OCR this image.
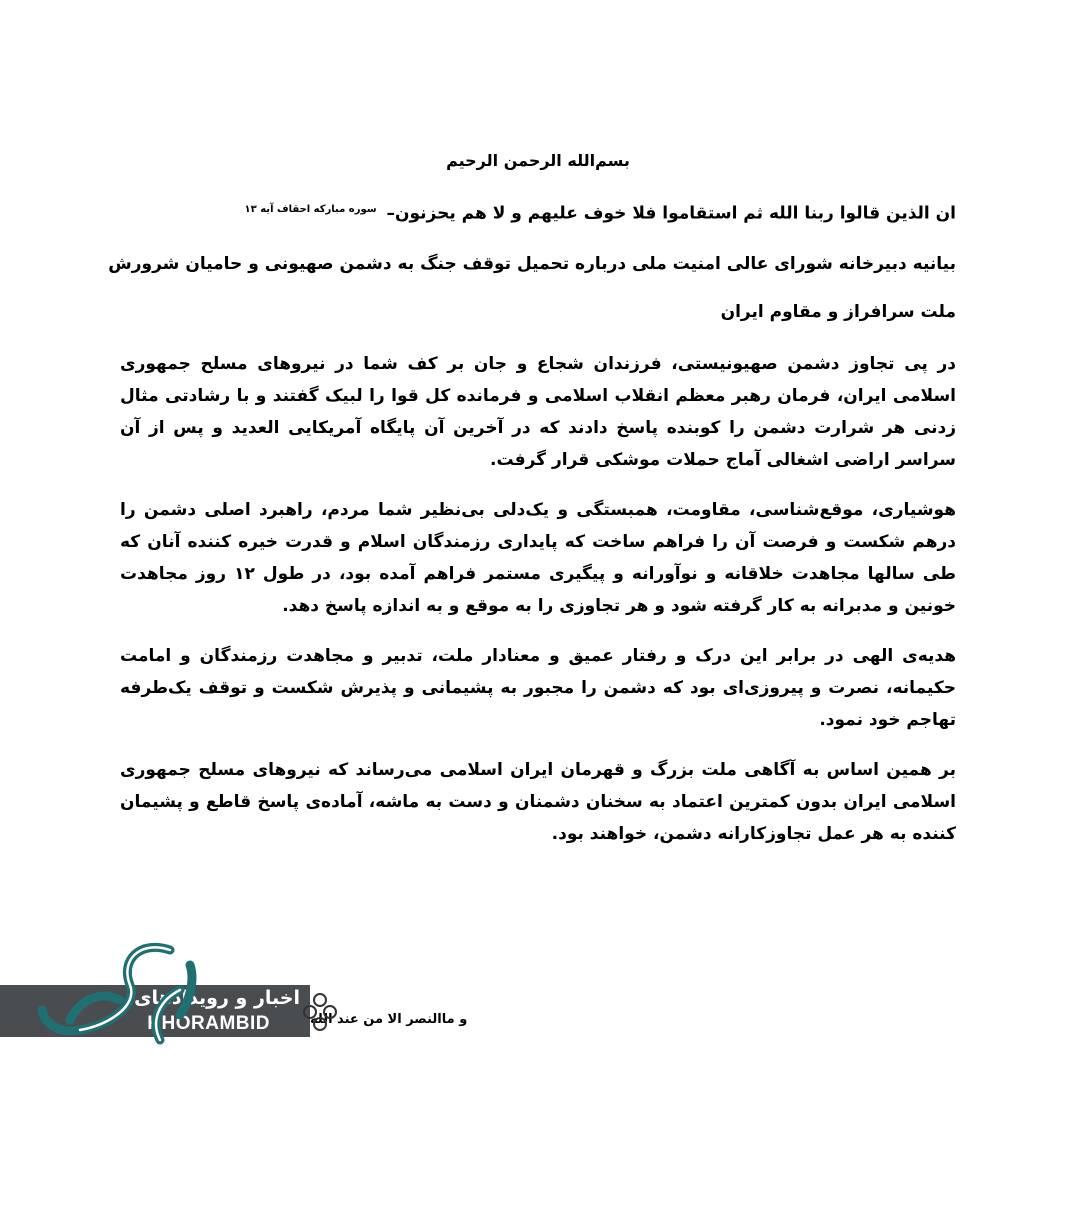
بسم‌الله الرحمن الرحیم
ان الذین قالوا ربنا الله ثم استقاموا فلا خوف علیهم و لا هم یحزنون– $^{سوره مبارکه احقاف آیه ۱۳}$
بیانیه دبیرخانه شورای عالی امنیت ملی درباره تحمیل توقف جنگ به دشمن صهیونی و حامیان شرورش
ملت سرافراز و مقاوم ایران

در پی تجاوز دشمن صهیونیستی، فرزندان شجاع و جان بر کف شما در نیروهای مسلح جمهوری اسلامی ایران، فرمان رهبر معظم انقلاب اسلامی و فرمانده کل قوا را لبیک گفتند و با رشادتی مثال زدنی هر شرارت دشمن را کوبنده پاسخ دادند که در آخرین آن پایگاه آمریکایی العدید و پس از آن سراسر اراضی اشغالی آماج حملات موشکی قرار گرفت.

هوشیاری، موقع‌شناسی، مقاومت، همبستگی و یک‌دلی بی‌نظیر شما مردم، راهبرد اصلی دشمن را درهم شکست و فرصت آن را فراهم ساخت که پایداری رزمندگان اسلام و قدرت خیره کننده آنان که طی سالها مجاهدت خلاقانه و نوآورانه و پیگیری مستمر فراهم آمده بود، در طول ۱۲ روز مجاهدت خونین و مدبرانه به کار گرفته شود و هر تجاوزی را به موقع و به اندازه پاسخ دهد.

هدیه‌ی الهی در برابر این درک و رفتار عمیق و معنادار ملت، تدبیر و مجاهدت رزمندگان و امامت حکیمانه، نصرت و پیروزی‌ای بود که دشمن را مجبور به پشیمانی و پذیرش شکست و توقف یک‌طرفه تهاجم خود نمود.

بر همین اساس به آگاهی ملت بزرگ و قهرمان ایران اسلامی می‌رساند که نیروهای مسلح جمهوری اسلامی ایران بدون کمترین اعتماد به سخنان دشمنان و دست به ماشه، آماده‌ی پاسخ قاطع و پشیمان کننده به هر عمل تجاوزکارانه دشمن، خواهند بود.

و ماالنصر الا من عند الله
اخبار و رویدادهای
KHORAMBID
